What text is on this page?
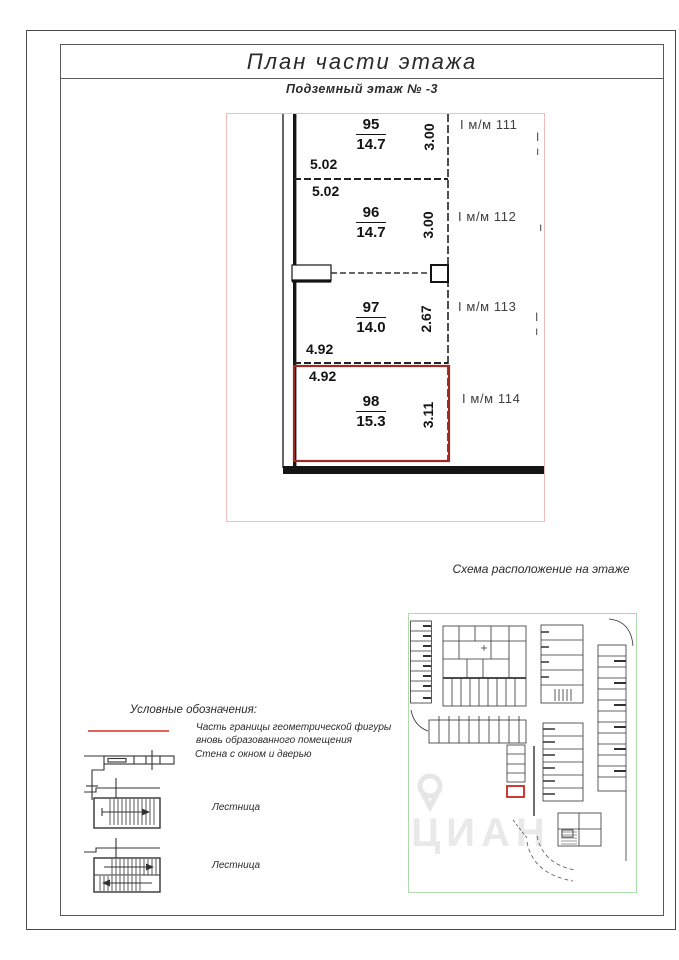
План части этажа
Подземный этаж № -3
$\frac{95}{14.7} 3.00$
5.02
5.02
$\frac{96}{14.7} 3.00$
$\frac{97}{14.0} 2.67$
4.92
4.92
$\frac{98}{15.3} 3.11$
I м/м 111
I м/м 112
I м/м 113
I м/м 114
I ı
ı
I ı
Схема расположение на этаже
ЦИАН
Условные обозначения:
Часть границы геометрической фигуры
вновь образованного помещения
Стена с окном и дверью
Лестница
Лестница
